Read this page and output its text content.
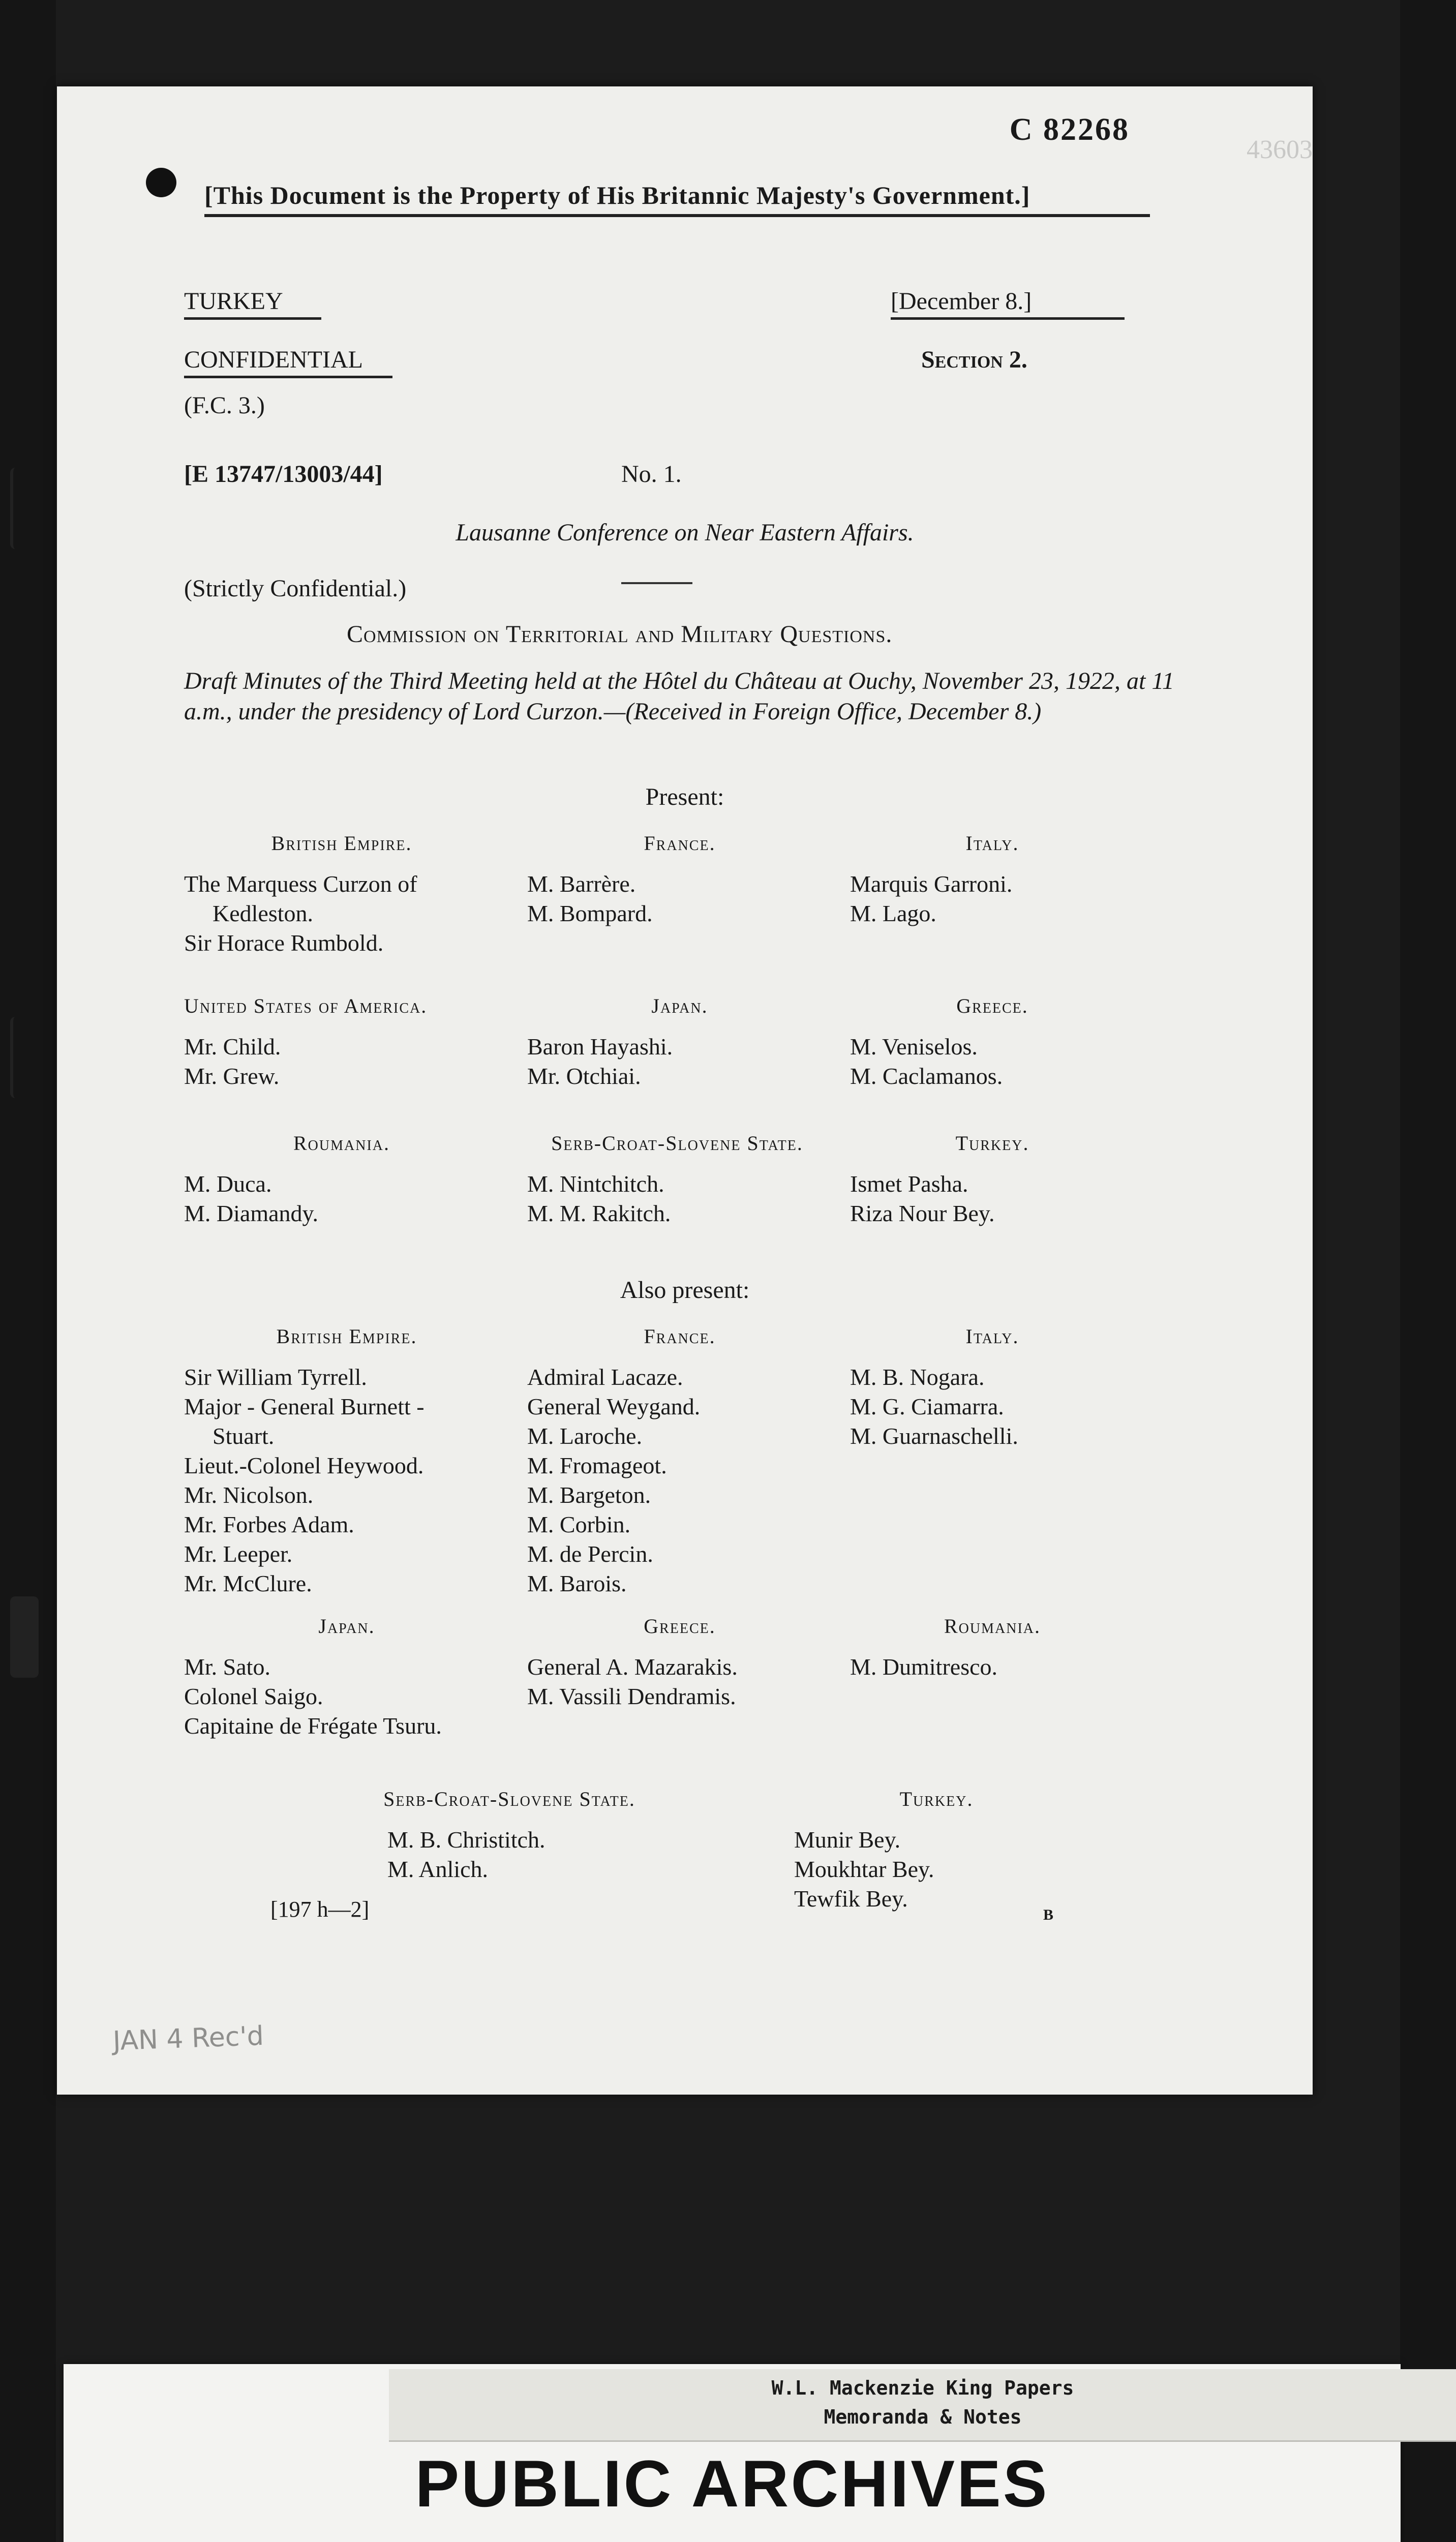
C 82268
43603
[This Document is the Property of His Britannic Majesty's Government.]
TURKEY	[December 8.]
CONFIDENTIAL	Section 2.
(F.C. 3.)
[E 13747/13003/44]	No. 1.
Lausanne Conference on Near Eastern Affairs.
(Strictly Confidential.)
Commission on Territorial and Military Questions.
Draft Minutes of the Third Meeting held at the Hôtel du Château at Ouchy, November 23, 1922, at 11 a.m., under the presidency of Lord Curzon.—(Received in Foreign Office, December 8.)
Present:
British Empire.
The Marquess Curzon of
Kedleston.
Sir Horace Rumbold.
France.
M. Barrère.
M. Bompard.
Italy.
Marquis Garroni.
M. Lago.
United States of America.
Mr. Child.
Mr. Grew.
Japan.
Baron Hayashi.
Mr. Otchiai.
Greece.
M. Veniselos.
M. Caclamanos.
Roumania.
M. Duca.
M. Diamandy.
Serb-Croat-Slovene State.
M. Nintchitch.
M. M. Rakitch.
Turkey.
Ismet Pasha.
Riza Nour Bey.
Also present:
British Empire.
Sir William Tyrrell.
Major - General Burnett -
Stuart.
Lieut.-Colonel Heywood.
Mr. Nicolson.
Mr. Forbes Adam.
Mr. Leeper.
Mr. McClure.
France.
Admiral Lacaze.
General Weygand.
M. Laroche.
M. Fromageot.
M. Bargeton.
M. Corbin.
M. de Percin.
M. Barois.
Italy.
M. B. Nogara.
M. G. Ciamarra.
M. Guarnaschelli.
Japan.
Mr. Sato.
Colonel Saigo.
Capitaine de Frégate Tsuru.
Greece.
General A. Mazarakis.
M. Vassili Dendramis.
Roumania.
M. Dumitresco.
Serb-Croat-Slovene State.
M. B. Christitch.
M. Anlich.
Turkey.
Munir Bey.
Moukhtar Bey.
Tewfik Bey.
[197 h—2]	B
JAN 4 Rec'd
W.L. Mackenzie King Papers
Memoranda & Notes
PUBLIC ARCHIVES
